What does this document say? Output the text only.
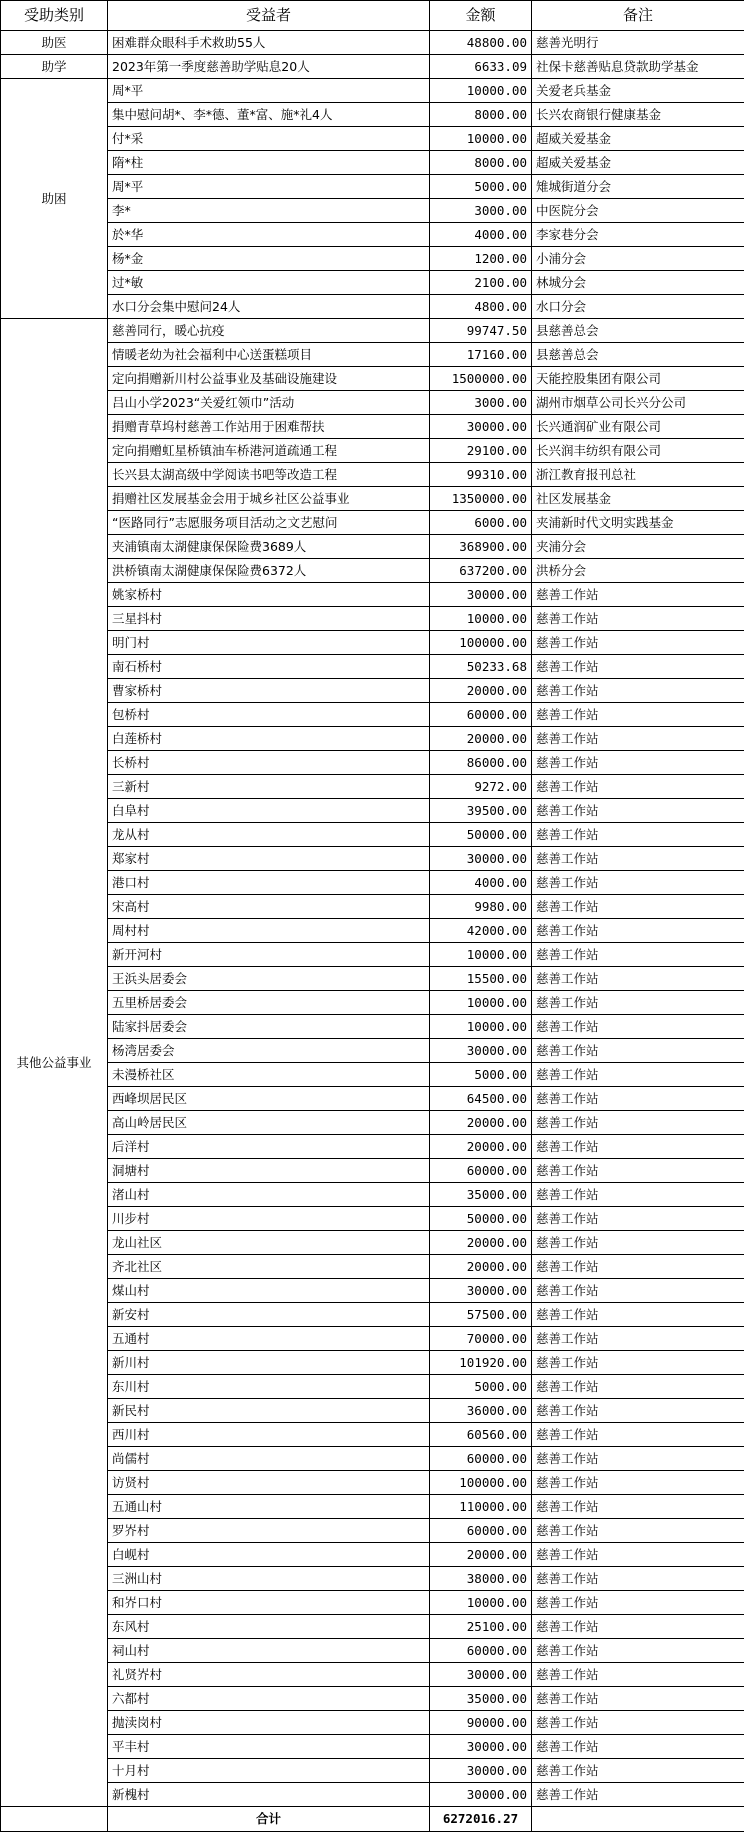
受助类别	受益者	金额	备注
助医	困难群众眼科手术救助55人	48800.00	慈善光明行
助学	2023年第一季度慈善助学贴息20人	6633.09	社保卡慈善贴息贷款助学基金
助困	周*平	10000.00	关爱老兵基金
	集中慰问胡*、李*德、董*富、施*礼4人	8000.00	长兴农商银行健康基金
	付*采	10000.00	超威关爱基金
	隋*柱	8000.00	超威关爱基金
	周*平	5000.00	雉城街道分会
	李*	3000.00	中医院分会
	於*华	4000.00	李家巷分会
	杨*金	1200.00	小浦分会
	过*敏	2100.00	林城分会
	水口分会集中慰问24人	4800.00	水口分会
其他公益事业	慈善同行，暖心抗疫	99747.50	县慈善总会
	情暖老幼为社会福利中心送蛋糕项目	17160.00	县慈善总会
	定向捐赠新川村公益事业及基础设施建设	1500000.00	天能控股集团有限公司
	吕山小学2023“关爱红领巾”活动	3000.00	湖州市烟草公司长兴分公司
	捐赠青草坞村慈善工作站用于困难帮扶	30000.00	长兴通润矿业有限公司
	定向捐赠虹星桥镇油车桥港河道疏通工程	29100.00	长兴润丰纺织有限公司
	长兴县太湖高级中学阅读书吧等改造工程	99310.00	浙江教育报刊总社
	捐赠社区发展基金会用于城乡社区公益事业	1350000.00	社区发展基金
	“医路同行”志愿服务项目活动之文艺慰问	6000.00	夹浦新时代文明实践基金
	夹浦镇南太湖健康保保险费3689人	368900.00	夹浦分会
	洪桥镇南太湖健康保保险费6372人	637200.00	洪桥分会
	姚家桥村	30000.00	慈善工作站
	三星抖村	10000.00	慈善工作站
	明门村	100000.00	慈善工作站
	南石桥村	50233.68	慈善工作站
	曹家桥村	20000.00	慈善工作站
	包桥村	60000.00	慈善工作站
	白莲桥村	20000.00	慈善工作站
	长桥村	86000.00	慈善工作站
	三新村	9272.00	慈善工作站
	白阜村	39500.00	慈善工作站
	龙从村	50000.00	慈善工作站
	郑家村	30000.00	慈善工作站
	港口村	4000.00	慈善工作站
	宋高村	9980.00	慈善工作站
	周村村	42000.00	慈善工作站
	新开河村	10000.00	慈善工作站
	王浜头居委会	15500.00	慈善工作站
	五里桥居委会	10000.00	慈善工作站
	陆家抖居委会	10000.00	慈善工作站
	杨湾居委会	30000.00	慈善工作站
	未漫桥社区	5000.00	慈善工作站
	西峰坝居民区	64500.00	慈善工作站
	高山岭居民区	20000.00	慈善工作站
	后洋村	20000.00	慈善工作站
	洞塘村	60000.00	慈善工作站
	渚山村	35000.00	慈善工作站
	川步村	50000.00	慈善工作站
	龙山社区	20000.00	慈善工作站
	齐北社区	20000.00	慈善工作站
	煤山村	30000.00	慈善工作站
	新安村	57500.00	慈善工作站
	五通村	70000.00	慈善工作站
	新川村	101920.00	慈善工作站
	东川村	5000.00	慈善工作站
	新民村	36000.00	慈善工作站
	西川村	60560.00	慈善工作站
	尚儒村	60000.00	慈善工作站
	访贤村	100000.00	慈善工作站
	五通山村	110000.00	慈善工作站
	罗岕村	60000.00	慈善工作站
	白岘村	20000.00	慈善工作站
	三洲山村	38000.00	慈善工作站
	和岕口村	10000.00	慈善工作站
	东风村	25100.00	慈善工作站
	祠山村	60000.00	慈善工作站
	礼贤岕村	30000.00	慈善工作站
	六都村	35000.00	慈善工作站
	抛渎岗村	90000.00	慈善工作站
	平丰村	30000.00	慈善工作站
	十月村	30000.00	慈善工作站
	新槐村	30000.00	慈善工作站
	合计	6272016.27	
